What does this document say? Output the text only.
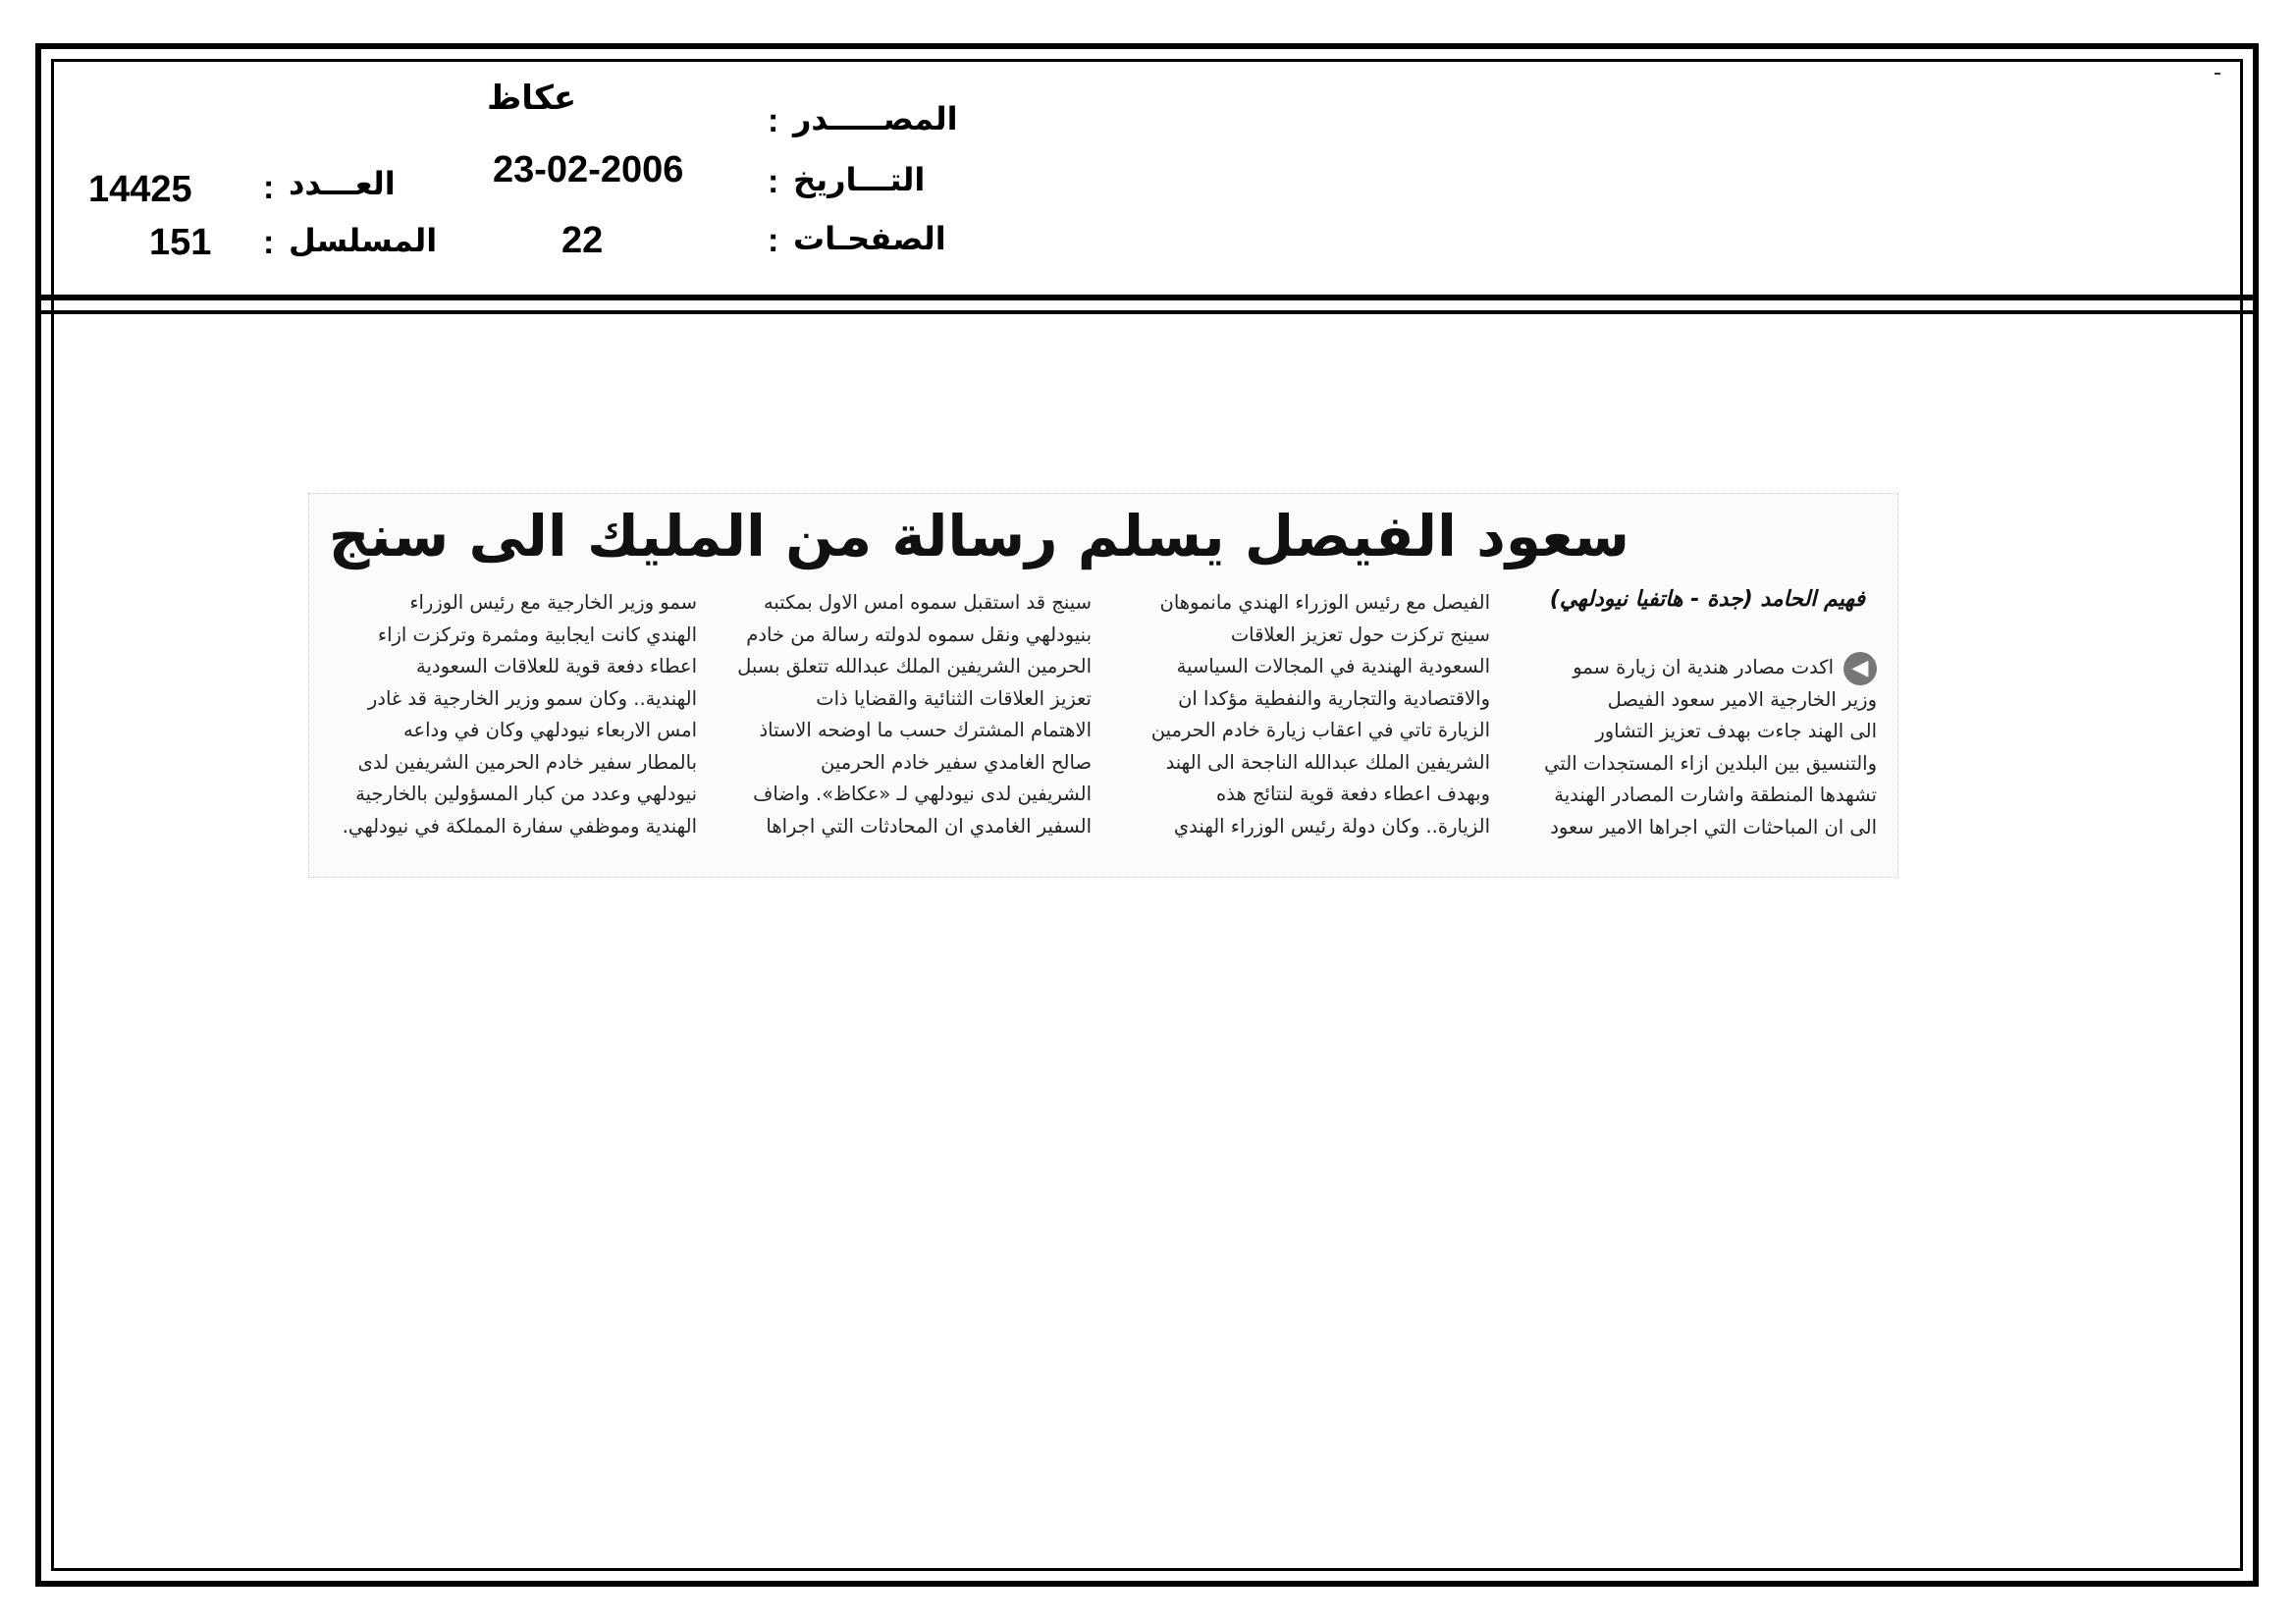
عكاظ
: المصـــــدر
23-02-2006	: التـــاريخ
22	: الصفحـات
14425 : العـــدد
151 : المسلسل
سعود الفيصل يسلم رسالة من المليك الى سنج
فهيم الحامد (جدة - هاتفيا نيودلهي)
◀

اكدت مصادر هندية ان زيارة سمو

وزير الخارجية الامير سعود الفيصل

الى الهند جاءت بهدف تعزيز التشاور

والتنسيق بين البلدين ازاء المستجدات التي

تشهدها المنطقة واشارت المصادر الهندية

الى ان المباحثات التي اجراها الامير سعود

الفيصل مع رئيس الوزراء الهندي مانموهان

سينج تركزت حول تعزيز العلاقات

السعودية الهندية في المجالات السياسية

والاقتصادية والتجارية والنفطية مؤكدا ان

الزيارة تاتي في اعقاب زيارة خادم الحرمين

الشريفين الملك عبدالله الناجحة الى الهند

وبهدف اعطاء دفعة قوية لنتائج هذه

الزيارة.. وكان دولة رئيس الوزراء الهندي

سينج قد استقبل سموه امس الاول بمكتبه

بنيودلهي ونقل سموه لدولته رسالة من خادم

الحرمين الشريفين الملك عبدالله تتعلق بسبل

تعزيز العلاقات الثنائية والقضايا ذات

الاهتمام المشترك حسب ما اوضحه الاستاذ

صالح الغامدي سفير خادم الحرمين

الشريفين لدى نيودلهي لـ «عكاظ». واضاف

السفير الغامدي ان المحادثات التي اجراها

سمو وزير الخارجية مع رئيس الوزراء

الهندي كانت ايجابية ومثمرة وتركزت ازاء

اعطاء دفعة قوية للعلاقات السعودية

الهندية.. وكان سمو وزير الخارجية قد غادر

امس الاربعاء نيودلهي وكان في وداعه

بالمطار سفير خادم الحرمين الشريفين لدى

نيودلهي وعدد من كبار المسؤولين بالخارجية

الهندية وموظفي سفارة المملكة في نيودلهي.
